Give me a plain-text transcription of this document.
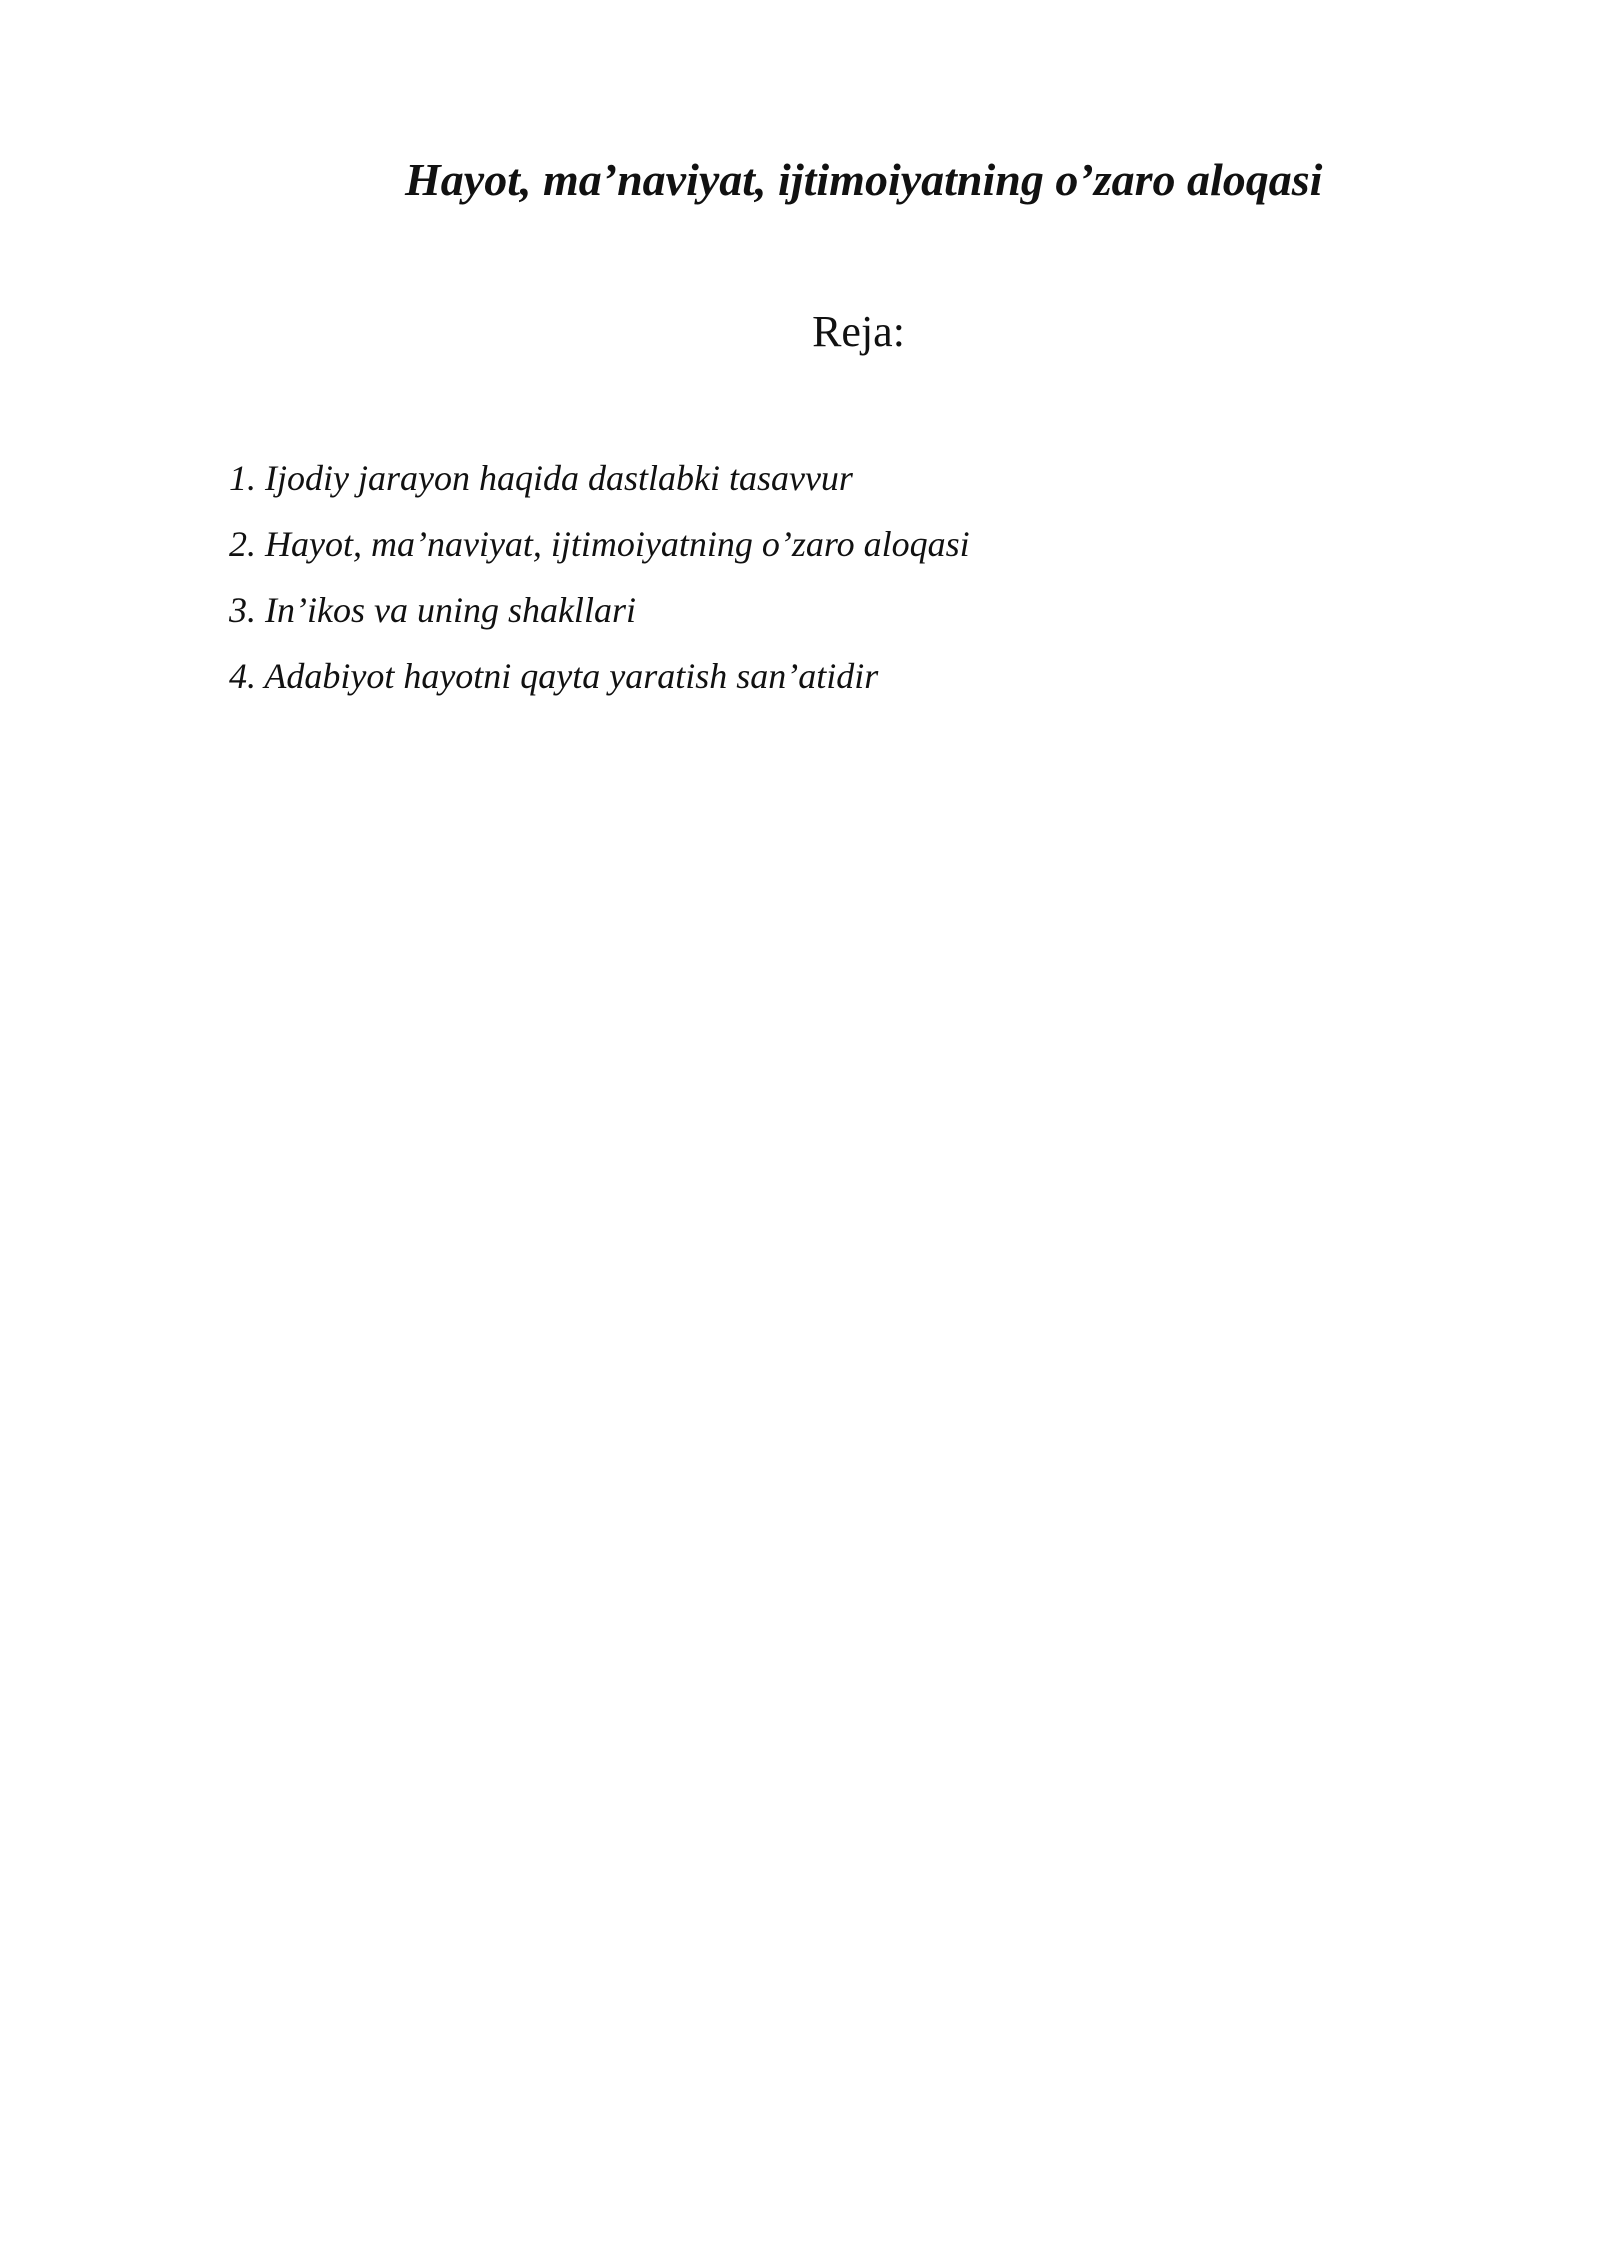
Hayot, ma’naviyat, ijtimoiyatning o’zaro aloqasi
Reja:
1. Ijodiy jarayon haqida dastlabki tasavvur
2. Hayot, ma’naviyat, ijtimoiyatning o’zaro aloqasi
3. In’ikos va uning shakllari
4. Adabiyot hayotni qayta yaratish san’atidir
